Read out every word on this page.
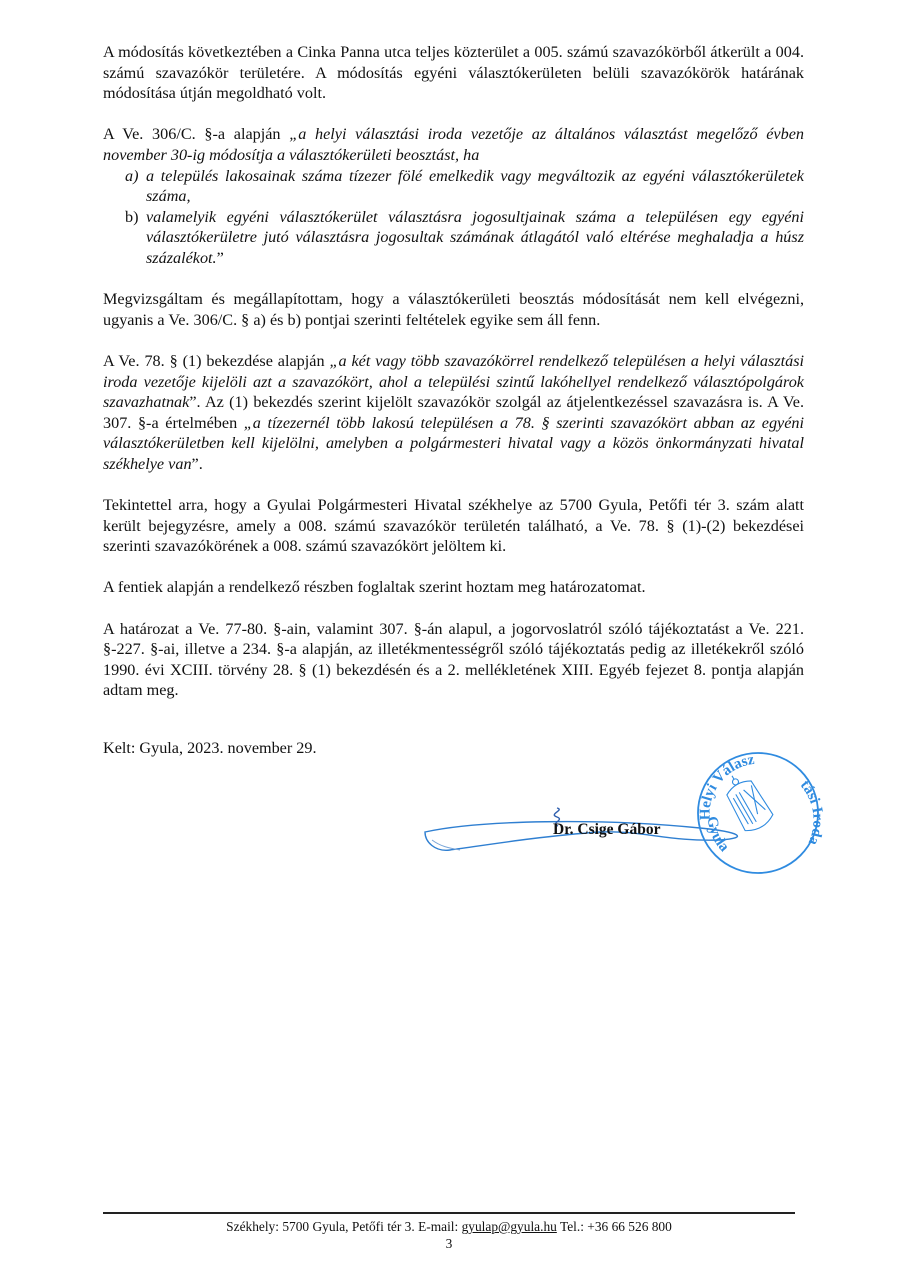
A módosítás következtében a Cinka Panna utca teljes közterület a 005. számú szavazókörből átkerült a 004. számú szavazókör területére. A módosítás egyéni választókerületen belüli szavazókörök határának módosítása útján megoldható volt.

A Ve. 306/C. §-a alapján „a helyi választási iroda vezetője az általános választást megelőző évben november 30-ig módosítja a választókerületi beosztást, ha

a) a település lakosainak száma tízezer fölé emelkedik vagy megváltozik az egyéni választókerületek száma,
b) valamelyik egyéni választókerület választásra jogosultjainak száma a településen egy egyéni választókerületre jutó választásra jogosultak számának átlagától való eltérése meghaladja a húsz százalékot.”

Megvizsgáltam és megállapítottam, hogy a választókerületi beosztás módosítását nem kell elvégezni, ugyanis a Ve. 306/C. § a) és b) pontjai szerinti feltételek egyike sem áll fenn.

A Ve. 78. § (1) bekezdése alapján „a két vagy több szavazókörrel rendelkező településen a helyi választási iroda vezetője kijelöli azt a szavazókört, ahol a települési szintű lakóhellyel rendelkező választópolgárok szavazhatnak”. Az (1) bekezdés szerint kijelölt szavazókör szolgál az átjelentkezéssel szavazásra is. A Ve. 307. §-a értelmében „a tízezernél több lakosú településen a 78. § szerinti szavazókört abban az egyéni választókerületben kell kijelölni, amelyben a polgármesteri hivatal vagy a közös önkormányzati hivatal székhelye van”.

Tekintettel arra, hogy a Gyulai Polgármesteri Hivatal székhelye az 5700 Gyula, Petőfi tér 3. szám alatt került bejegyzésre, amely a 008. számú szavazókör területén található, a Ve. 78. § (1)-(2) bekezdései szerinti szavazókörének a 008. számú szavazókört jelöltem ki.

A fentiek alapján a rendelkező részben foglaltak szerint hoztam meg határozatomat.

A határozat a Ve. 77-80. §-ain, valamint 307. §-án alapul, a jogorvoslatról szóló tájékoztatást a Ve. 221. §-227. §-ai, illetve a 234. §-a alapján, az illetékmentességről szóló tájékoztatás pedig az illetékekről szóló 1990. évi XCIII. törvény 28. § (1) bekezdésén és a 2. mellékletének XIII. Egyéb fejezet 8. pontja alapján adtam meg.

Kelt: Gyula, 2023. november 29.

Dr. Csige Gábor
Helyi Válasz
tási Iroda
Gyula
Székhely: 5700 Gyula, Petőfi tér 3. E-mail: gyulap@gyula.hu Tel.: +36 66 526 800
3
